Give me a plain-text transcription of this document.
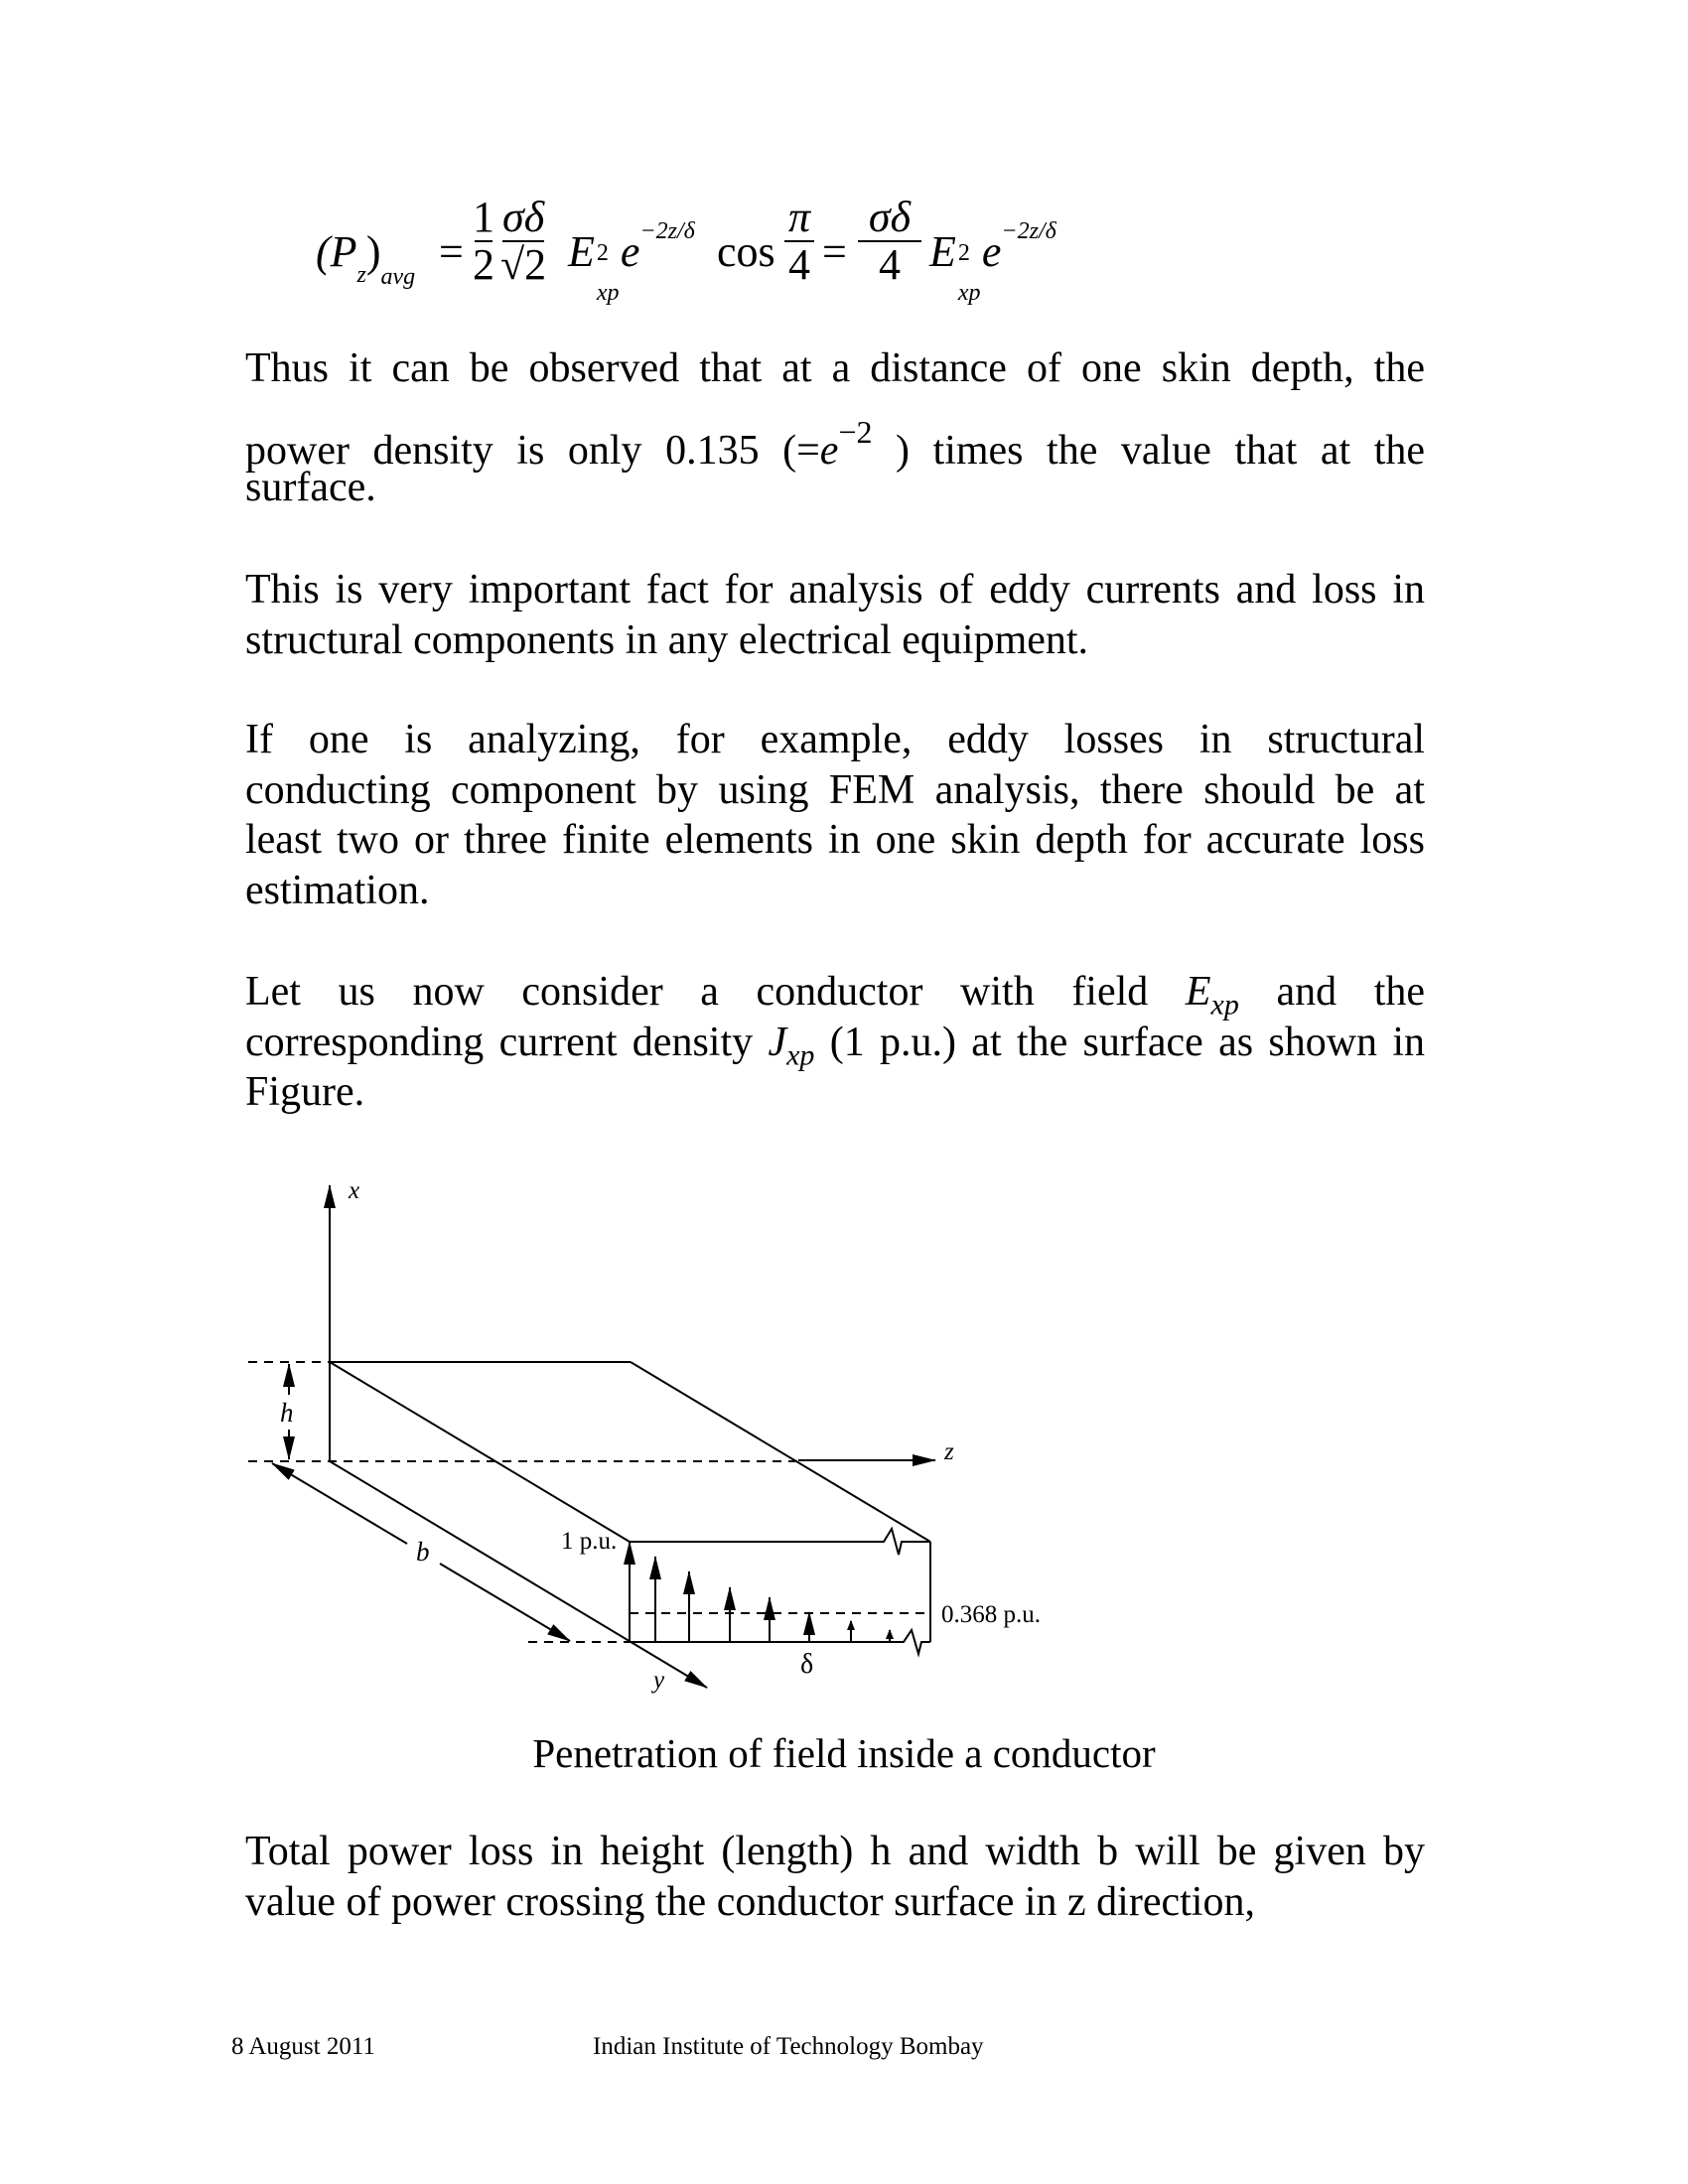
$(P_z)_{avg}$
=
1
2
σδ
√2 E 2
xp
$e^{-2z/\delta}$ cos
π
4 =
σδ
4 E 2
xp
$e^{-2z/\delta}$
Thus it can be observed that at a distance of one skin depth, the
power density is only 0.135 ($=e^{-2}$ ) times the value that at the
surface.
This is very important fact for analysis of eddy currents and loss in
structural components in any electrical equipment.
If one is analyzing, for example, eddy losses in structural
conducting component by using FEM analysis, there should be at
least two or three finite elements in one skin depth for accurate loss
estimation.
Let us now consider a conductor with field $E_{xp}$ and the
corresponding current density $J_{xp}$ (1 p.u.) at the surface as shown in
Figure.
x
z
y
h
b	1 p.u.
0.368 p.u.
δ
Penetration of field inside a conductor
Total power loss in height (length) h and width b will be given by
value of power crossing the conductor surface in z direction,
8 August 2011	Indian Institute of Technology Bombay
